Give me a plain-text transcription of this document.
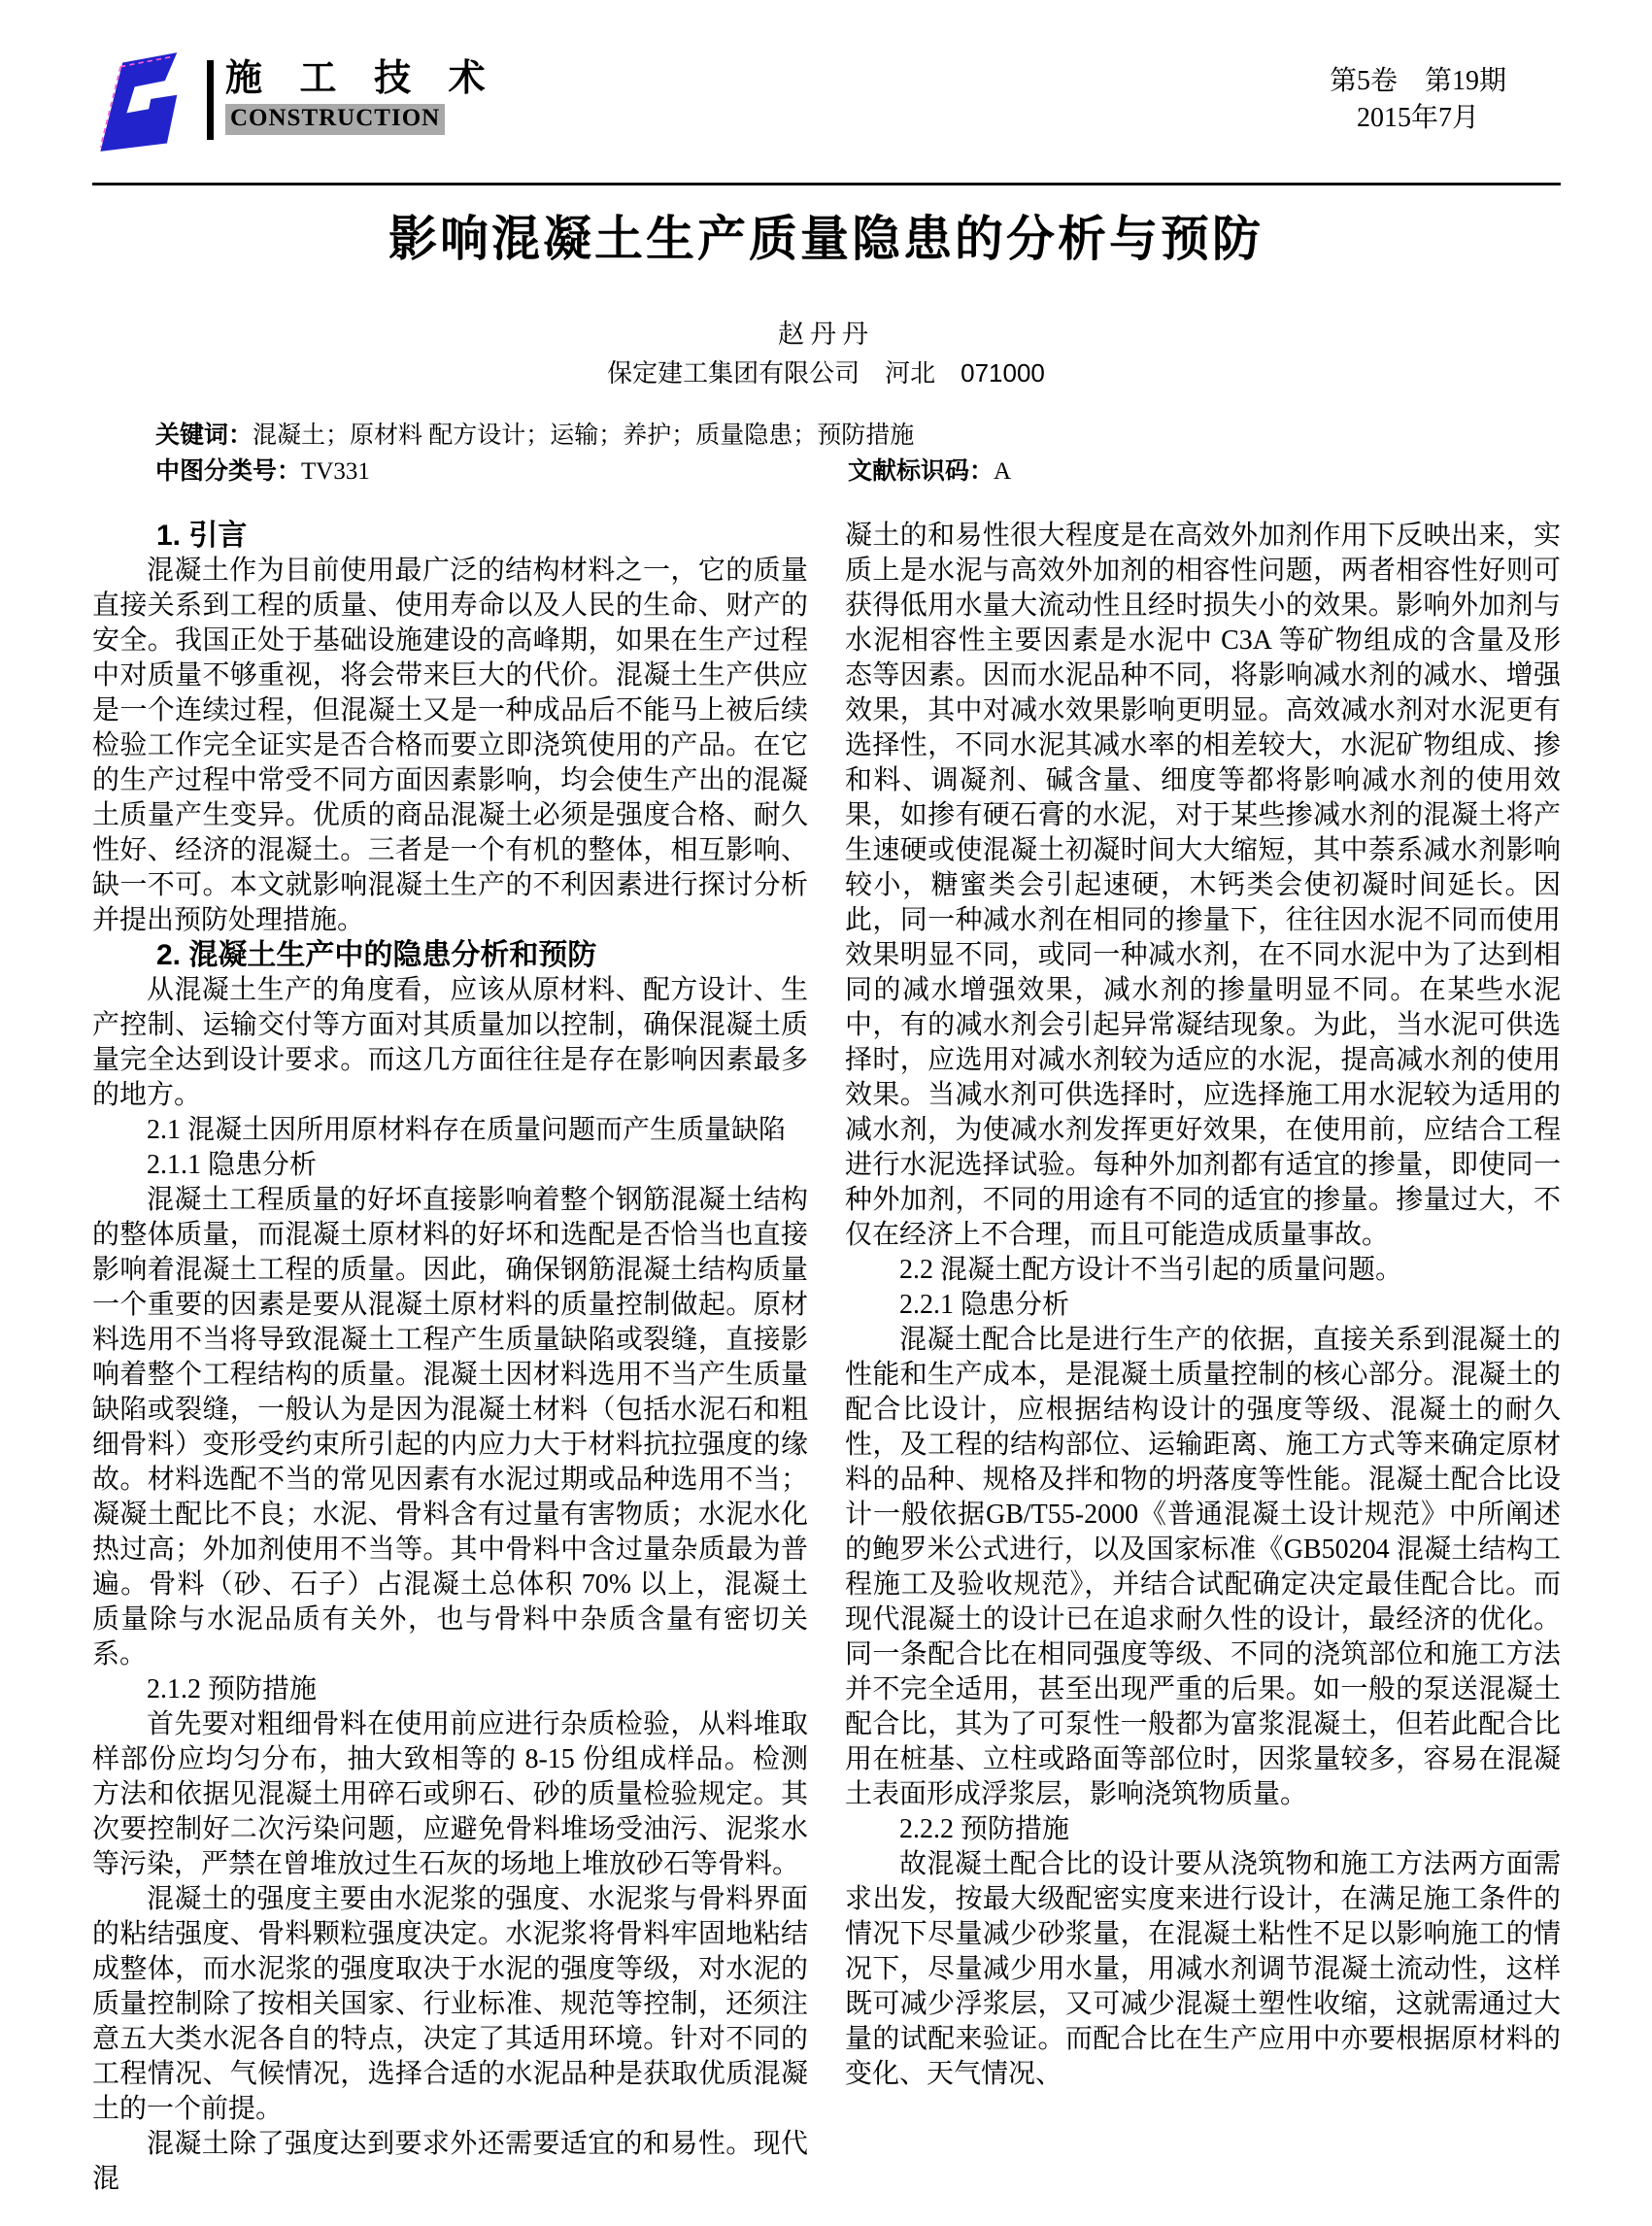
施 工 技 术
CONSTRUCTION
第5卷　第19期
2015年7月
影响混凝土生产质量隐患的分析与预防
赵丹丹
保定建工集团有限公司　河北　071000
关键词：混凝土；原材料 配方设计；运输；养护；质量隐患；预防措施
中图分类号：TV331	文献标识码：A

1. 引言

混凝土作为目前使用最广泛的结构材料之一，它的质量直接关系到工程的质量、使用寿命以及人民的生命、财产的安全。我国正处于基础设施建设的高峰期，如果在生产过程中对质量不够重视，将会带来巨大的代价。混凝土生产供应是一个连续过程，但混凝土又是一种成品后不能马上被后续检验工作完全证实是否合格而要立即浇筑使用的产品。在它的生产过程中常受不同方面因素影响，均会使生产出的混凝土质量产生变异。优质的商品混凝土必须是强度合格、耐久性好、经济的混凝土。三者是一个有机的整体，相互影响、缺一不可。本文就影响混凝土生产的不利因素进行探讨分析并提出预防处理措施。

2. 混凝土生产中的隐患分析和预防

从混凝土生产的角度看，应该从原材料、配方设计、生产控制、运输交付等方面对其质量加以控制，确保混凝土质量完全达到设计要求。而这几方面往往是存在影响因素最多的地方。

2.1 混凝土因所用原材料存在质量问题而产生质量缺陷

2.1.1 隐患分析

混凝土工程质量的好坏直接影响着整个钢筋混凝土结构的整体质量，而混凝土原材料的好坏和选配是否恰当也直接影响着混凝土工程的质量。因此，确保钢筋混凝土结构质量一个重要的因素是要从混凝土原材料的质量控制做起。原材料选用不当将导致混凝土工程产生质量缺陷或裂缝，直接影响着整个工程结构的质量。混凝土因材料选用不当产生质量缺陷或裂缝，一般认为是因为混凝土材料（包括水泥石和粗细骨料）变形受约束所引起的内应力大于材料抗拉强度的缘故。材料选配不当的常见因素有水泥过期或品种选用不当；凝凝土配比不良；水泥、骨料含有过量有害物质；水泥水化热过高；外加剂使用不当等。其中骨料中含过量杂质最为普遍。骨料（砂、石子）占混凝土总体积 70% 以上，混凝土质量除与水泥品质有关外，也与骨料中杂质含量有密切关系。

2.1.2 预防措施

首先要对粗细骨料在使用前应进行杂质检验，从料堆取样部份应均匀分布，抽大致相等的 8-15 份组成样品。检测方法和依据见混凝土用碎石或卵石、砂的质量检验规定。其次要控制好二次污染问题，应避免骨料堆场受油污、泥浆水等污染，严禁在曾堆放过生石灰的场地上堆放砂石等骨料。

混凝土的强度主要由水泥浆的强度、水泥浆与骨料界面的粘结强度、骨料颗粒强度决定。水泥浆将骨料牢固地粘结成整体，而水泥浆的强度取决于水泥的强度等级，对水泥的质量控制除了按相关国家、行业标准、规范等控制，还须注意五大类水泥各自的特点，决定了其适用环境。针对不同的工程情况、气候情况，选择合适的水泥品种是获取优质混凝土的一个前提。

混凝土除了强度达到要求外还需要适宜的和易性。现代混

凝土的和易性很大程度是在高效外加剂作用下反映出来，实质上是水泥与高效外加剂的相容性问题，两者相容性好则可获得低用水量大流动性且经时损失小的效果。影响外加剂与水泥相容性主要因素是水泥中 C3A 等矿物组成的含量及形态等因素。因而水泥品种不同，将影响减水剂的减水、增强效果，其中对减水效果影响更明显。高效减水剂对水泥更有选择性，不同水泥其减水率的相差较大，水泥矿物组成、掺和料、调凝剂、碱含量、细度等都将影响减水剂的使用效果，如掺有硬石膏的水泥，对于某些掺减水剂的混凝土将产生速硬或使混凝土初凝时间大大缩短，其中萘系减水剂影响较小，糖蜜类会引起速硬，木钙类会使初凝时间延长。因此，同一种减水剂在相同的掺量下，往往因水泥不同而使用效果明显不同，或同一种减水剂，在不同水泥中为了达到相同的减水增强效果，减水剂的掺量明显不同。在某些水泥中，有的减水剂会引起异常凝结现象。为此，当水泥可供选择时，应选用对减水剂较为适应的水泥，提高减水剂的使用效果。当减水剂可供选择时，应选择施工用水泥较为适用的减水剂，为使减水剂发挥更好效果，在使用前，应结合工程进行水泥选择试验。每种外加剂都有适宜的掺量，即使同一种外加剂，不同的用途有不同的适宜的掺量。掺量过大，不仅在经济上不合理，而且可能造成质量事故。

2.2 混凝土配方设计不当引起的质量问题。

2.2.1 隐患分析

混凝土配合比是进行生产的依据，直接关系到混凝土的性能和生产成本，是混凝土质量控制的核心部分。混凝土的配合比设计，应根据结构设计的强度等级、混凝土的耐久性，及工程的结构部位、运输距离、施工方式等来确定原材料的品种、规格及拌和物的坍落度等性能。混凝土配合比设计一般依据GB/T55-2000《普通混凝土设计规范》中所阐述的鲍罗米公式进行，以及国家标准《GB50204 混凝土结构工程施工及验收规范》，并结合试配确定决定最佳配合比。而现代混凝土的设计已在追求耐久性的设计，最经济的优化。同一条配合比在相同强度等级、不同的浇筑部位和施工方法并不完全适用，甚至出现严重的后果。如一般的泵送混凝土配合比，其为了可泵性一般都为富浆混凝土，但若此配合比用在桩基、立柱或路面等部位时，因浆量较多，容易在混凝土表面形成浮浆层，影响浇筑物质量。

2.2.2 预防措施

故混凝土配合比的设计要从浇筑物和施工方法两方面需求出发，按最大级配密实度来进行设计，在满足施工条件的情况下尽量减少砂浆量，在混凝土粘性不足以影响施工的情况下，尽量减少用水量，用减水剂调节混凝土流动性，这样既可减少浮浆层，又可减少混凝土塑性收缩，这就需通过大量的试配来验证。而配合比在生产应用中亦要根据原材料的变化、天气情况、
